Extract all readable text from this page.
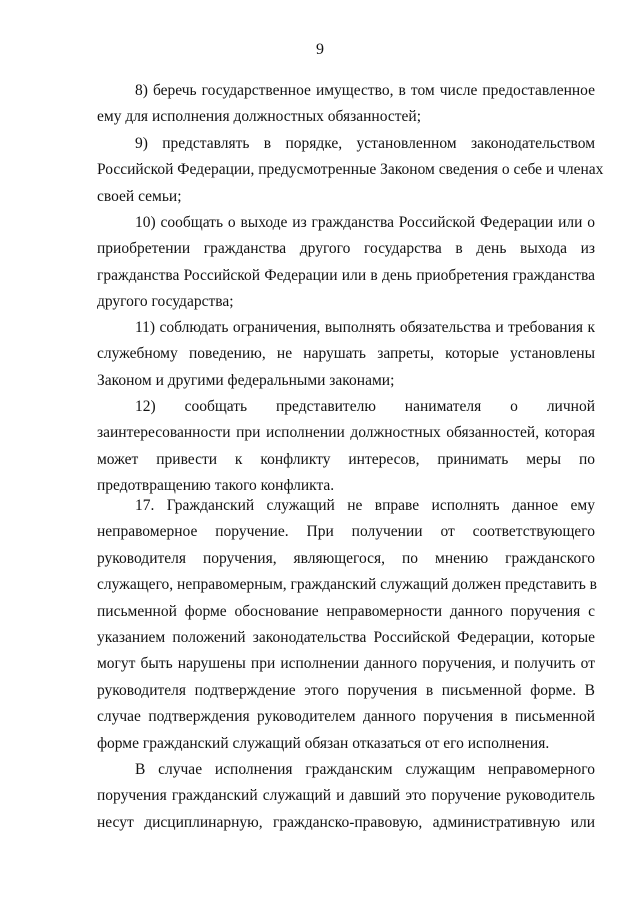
9
8) беречь государственное имущество, в том числе предоставленное
ему для исполнения должностных обязанностей;
9) представлять в порядке, установленном законодательством
Российской Федерации, предусмотренные Законом сведения о себе и членах
своей семьи;
10) сообщать о выходе из гражданства Российской Федерации или о
приобретении гражданства другого государства в день выхода из
гражданства Российской Федерации или в день приобретения гражданства
другого государства;
11) соблюдать ограничения, выполнять обязательства и требования к
служебному поведению, не нарушать запреты, которые установлены
Законом и другими федеральными законами;
12) сообщать представителю нанимателя о личной
заинтересованности при исполнении должностных обязанностей, которая
может привести к конфликту интересов, принимать меры по
предотвращению такого конфликта.
17. Гражданский служащий не вправе исполнять данное ему
неправомерное поручение. При получении от соответствующего
руководителя поручения, являющегося, по мнению гражданского
служащего, неправомерным, гражданский служащий должен представить в
письменной форме обоснование неправомерности данного поручения с
указанием положений законодательства Российской Федерации, которые
могут быть нарушены при исполнении данного поручения, и получить от
руководителя подтверждение этого поручения в письменной форме. В
случае подтверждения руководителем данного поручения в письменной
форме гражданский служащий обязан отказаться от его исполнения.
В случае исполнения гражданским служащим неправомерного
поручения гражданский служащий и давший это поручение руководитель
несут дисциплинарную, гражданско-правовую, административную или
